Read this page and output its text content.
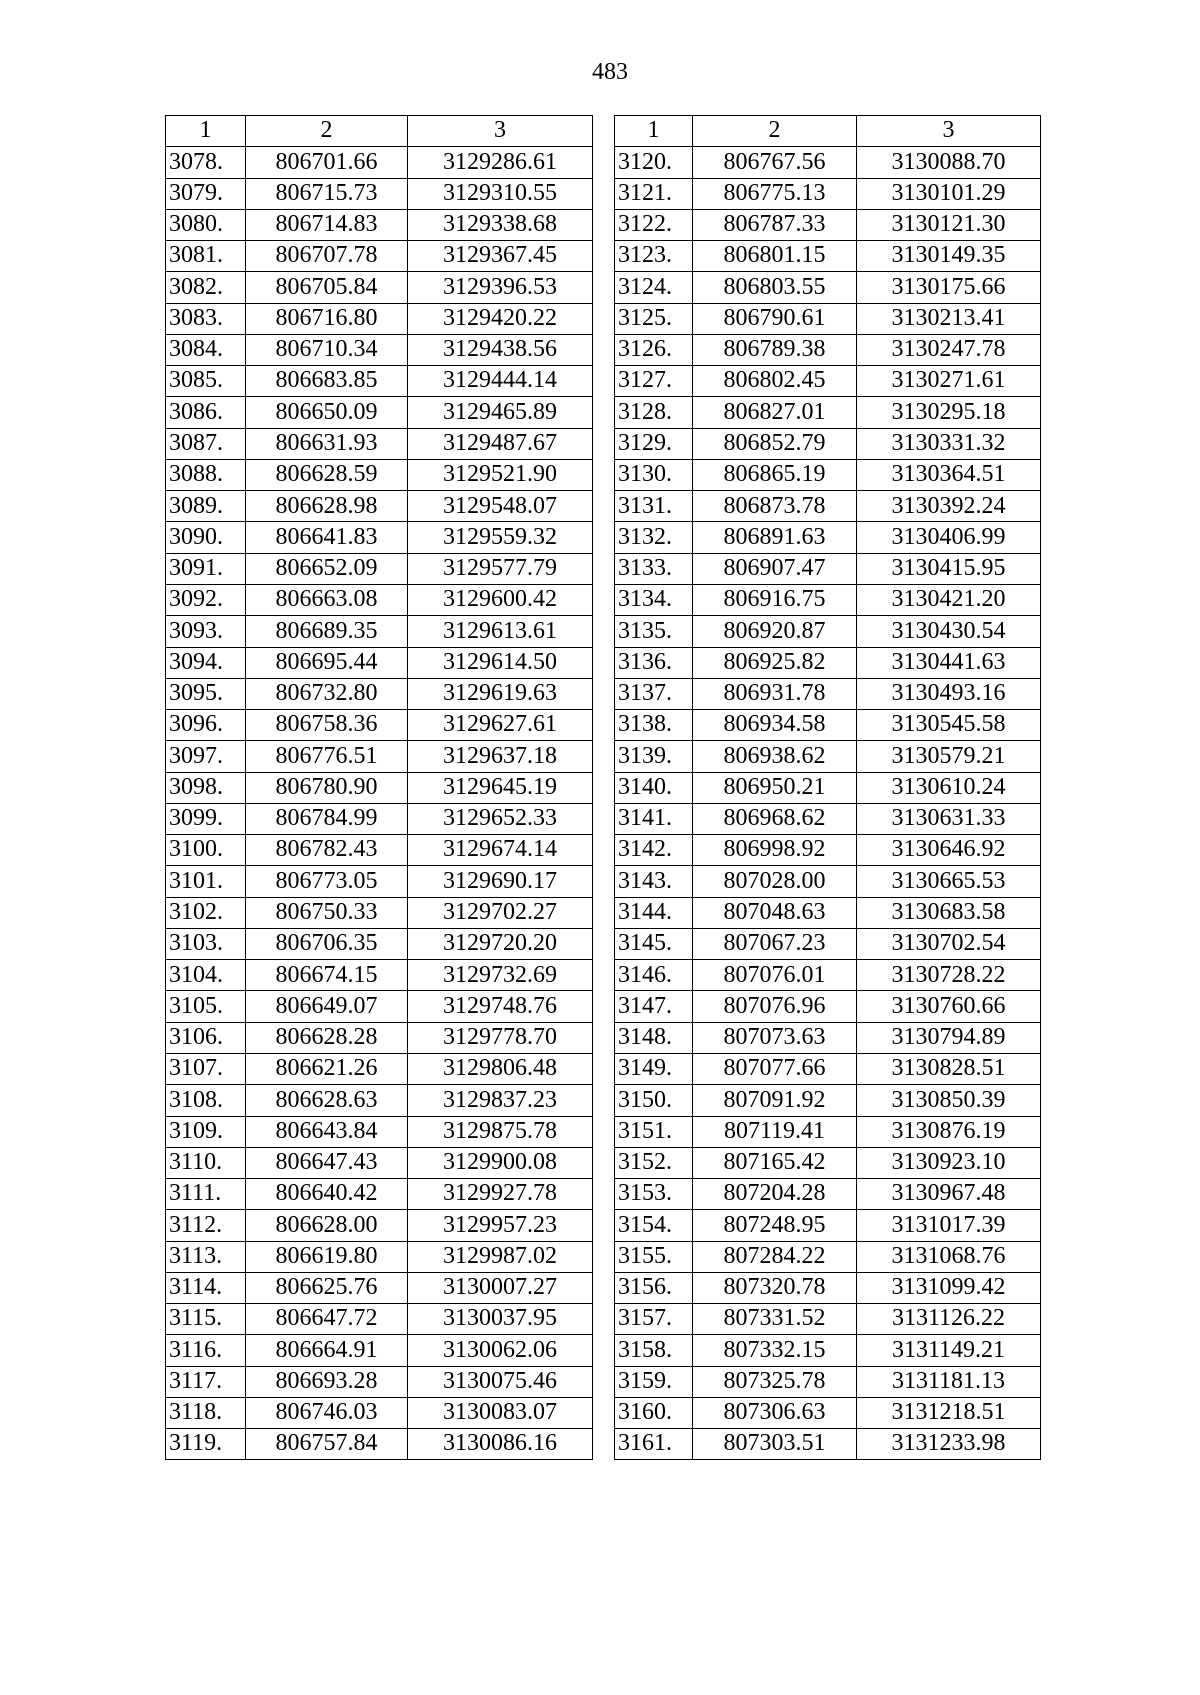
483
1	2	3
3078.	806701.66	3129286.61
3079.	806715.73	3129310.55
3080.	806714.83	3129338.68
3081.	806707.78	3129367.45
3082.	806705.84	3129396.53
3083.	806716.80	3129420.22
3084.	806710.34	3129438.56
3085.	806683.85	3129444.14
3086.	806650.09	3129465.89
3087.	806631.93	3129487.67
3088.	806628.59	3129521.90
3089.	806628.98	3129548.07
3090.	806641.83	3129559.32
3091.	806652.09	3129577.79
3092.	806663.08	3129600.42
3093.	806689.35	3129613.61
3094.	806695.44	3129614.50
3095.	806732.80	3129619.63
3096.	806758.36	3129627.61
3097.	806776.51	3129637.18
3098.	806780.90	3129645.19
3099.	806784.99	3129652.33
3100.	806782.43	3129674.14
3101.	806773.05	3129690.17
3102.	806750.33	3129702.27
3103.	806706.35	3129720.20
3104.	806674.15	3129732.69
3105.	806649.07	3129748.76
3106.	806628.28	3129778.70
3107.	806621.26	3129806.48
3108.	806628.63	3129837.23
3109.	806643.84	3129875.78
3110.	806647.43	3129900.08
3111.	806640.42	3129927.78
3112.	806628.00	3129957.23
3113.	806619.80	3129987.02
3114.	806625.76	3130007.27
3115.	806647.72	3130037.95
3116.	806664.91	3130062.06
3117.	806693.28	3130075.46
3118.	806746.03	3130083.07
3119.	806757.84	3130086.16
1	2	3
3120.	806767.56	3130088.70
3121.	806775.13	3130101.29
3122.	806787.33	3130121.30
3123.	806801.15	3130149.35
3124.	806803.55	3130175.66
3125.	806790.61	3130213.41
3126.	806789.38	3130247.78
3127.	806802.45	3130271.61
3128.	806827.01	3130295.18
3129.	806852.79	3130331.32
3130.	806865.19	3130364.51
3131.	806873.78	3130392.24
3132.	806891.63	3130406.99
3133.	806907.47	3130415.95
3134.	806916.75	3130421.20
3135.	806920.87	3130430.54
3136.	806925.82	3130441.63
3137.	806931.78	3130493.16
3138.	806934.58	3130545.58
3139.	806938.62	3130579.21
3140.	806950.21	3130610.24
3141.	806968.62	3130631.33
3142.	806998.92	3130646.92
3143.	807028.00	3130665.53
3144.	807048.63	3130683.58
3145.	807067.23	3130702.54
3146.	807076.01	3130728.22
3147.	807076.96	3130760.66
3148.	807073.63	3130794.89
3149.	807077.66	3130828.51
3150.	807091.92	3130850.39
3151.	807119.41	3130876.19
3152.	807165.42	3130923.10
3153.	807204.28	3130967.48
3154.	807248.95	3131017.39
3155.	807284.22	3131068.76
3156.	807320.78	3131099.42
3157.	807331.52	3131126.22
3158.	807332.15	3131149.21
3159.	807325.78	3131181.13
3160.	807306.63	3131218.51
3161.	807303.51	3131233.98
